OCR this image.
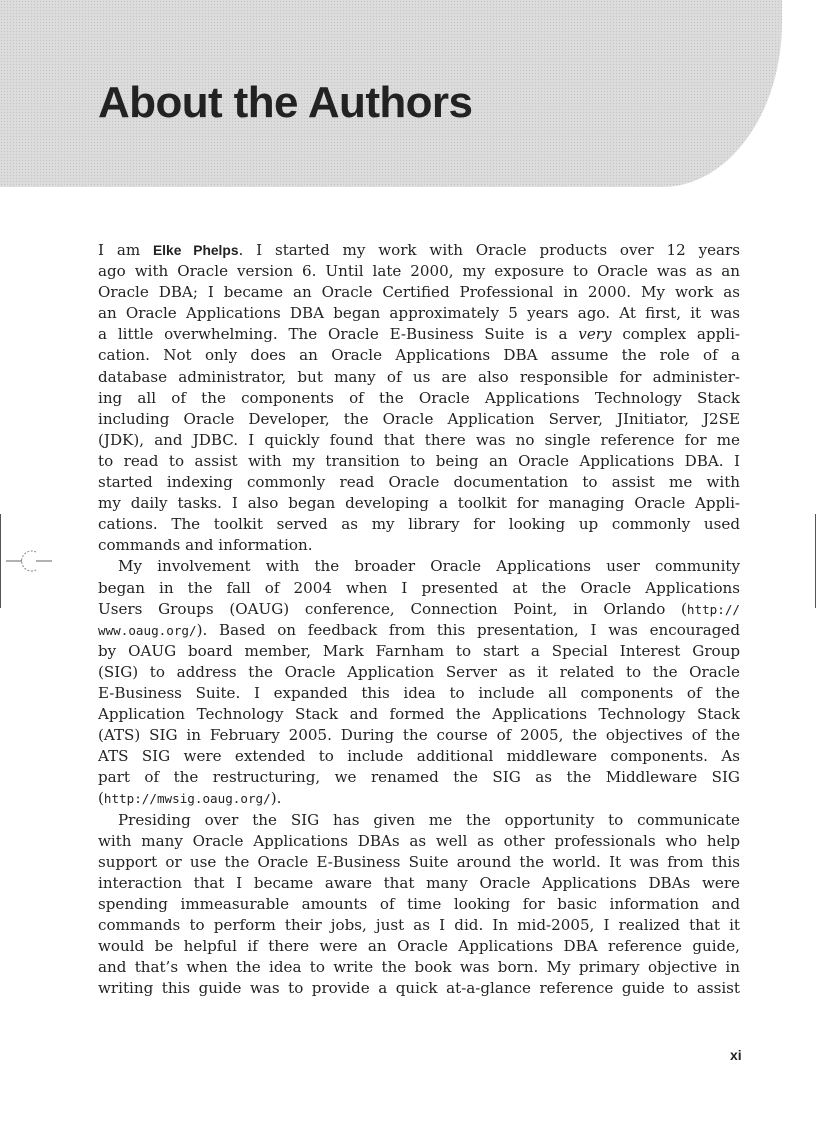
About the Authors
I am Elke Phelps. I started my work with Oracle products over 12 years
ago with Oracle version 6. Until late 2000, my exposure to Oracle was as an
Oracle DBA; I became an Oracle Certified Professional in 2000. My work as
an Oracle Applications DBA began approximately 5 years ago. At first, it was
a little overwhelming. The Oracle E-Business Suite is a very complex appli-
cation. Not only does an Oracle Applications DBA assume the role of a
database administrator, but many of us are also responsible for administer-
ing all of the components of the Oracle Applications Technology Stack
including Oracle Developer, the Oracle Application Server, JInitiator, J2SE
(JDK), and JDBC. I quickly found that there was no single reference for me
to read to assist with my transition to being an Oracle Applications DBA. I
started indexing commonly read Oracle documentation to assist me with
my daily tasks. I also began developing a toolkit for managing Oracle Appli-
cations. The toolkit served as my library for looking up commonly used
commands and information.
My involvement with the broader Oracle Applications user community
began in the fall of 2004 when I presented at the Oracle Applications
Users Groups (OAUG) conference, Connection Point, in Orlando (http://
www.oaug.org/). Based on feedback from this presentation, I was encouraged
by OAUG board member, Mark Farnham to start a Special Interest Group
(SIG) to address the Oracle Application Server as it related to the Oracle
E-Business Suite. I expanded this idea to include all components of the
Application Technology Stack and formed the Applications Technology Stack
(ATS) SIG in February 2005. During the course of 2005, the objectives of the
ATS SIG were extended to include additional middleware components. As
part of the restructuring, we renamed the SIG as the Middleware SIG
(http://mwsig.oaug.org/).
Presiding over the SIG has given me the opportunity to communicate
with many Oracle Applications DBAs as well as other professionals who help
support or use the Oracle E-Business Suite around the world. It was from this
interaction that I became aware that many Oracle Applications DBAs were
spending immeasurable amounts of time looking for basic information and
commands to perform their jobs, just as I did. In mid-2005, I realized that it
would be helpful if there were an Oracle Applications DBA reference guide,
and that’s when the idea to write the book was born. My primary objective in
writing this guide was to provide a quick at-a-glance reference guide to assist
xi
